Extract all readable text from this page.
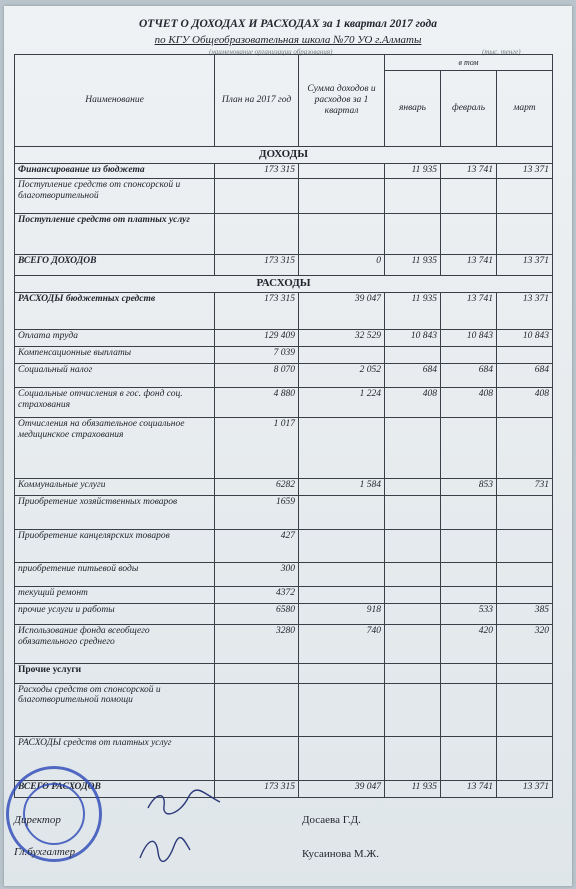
ОТЧЕТ О ДОХОДАХ И РАСХОДАХ за 1 квартал 2017 года
по КГУ Общеобразовательная школа №70 УО г.Алматы
(наименование организации образования)	(тыс. тенге)
Наименование	План на 2017 год	Сумма доходов и расходов за 1 квартал	в том		
			январь	февраль	март
ДОХОДЫ					
Финансирование из бюджета	173 315		11 935	13 741	13 371
Поступление средств от спонсорской и благотворительной					
Поступление средств от платных услуг					
ВСЕГО ДОХОДОВ	173 315	0	11 935	13 741	13 371
РАСХОДЫ					
РАСХОДЫ бюджетных средств	173 315	39 047	11 935	13 741	13 371
Оплата труда	129 409	32 529	10 843	10 843	10 843
Компенсационные выплаты	7 039				
Социальный налог	8 070	2 052	684	684	684
Социальные отчисления в гос. фонд соц. страхования	4 880	1 224	408	408	408
Отчисления на обязательное социальное медицинское страхования	1 017				
Коммунальные услуги	6282	1 584		853	731
Приобретение хозяйственных товаров	1659				
Приобретение канцелярских товаров	427				
приобретение питьевой воды	300				
текущий ремонт	4372				
прочие услуги и работы	6580	918		533	385
Использование фонда всеобщего обязательного среднего	3280	740		420	320
Прочие услуги					
Расходы средств от спонсорской и благотворительной помощи					
РАСХОДЫ средств от платных услуг					
ВСЕГО РАСХОДОВ	173 315	39 047	11 935	13 741	13 371
Директор	Досаева Г.Д.
Гл.бухгалтер	Кусаинова М.Ж.
